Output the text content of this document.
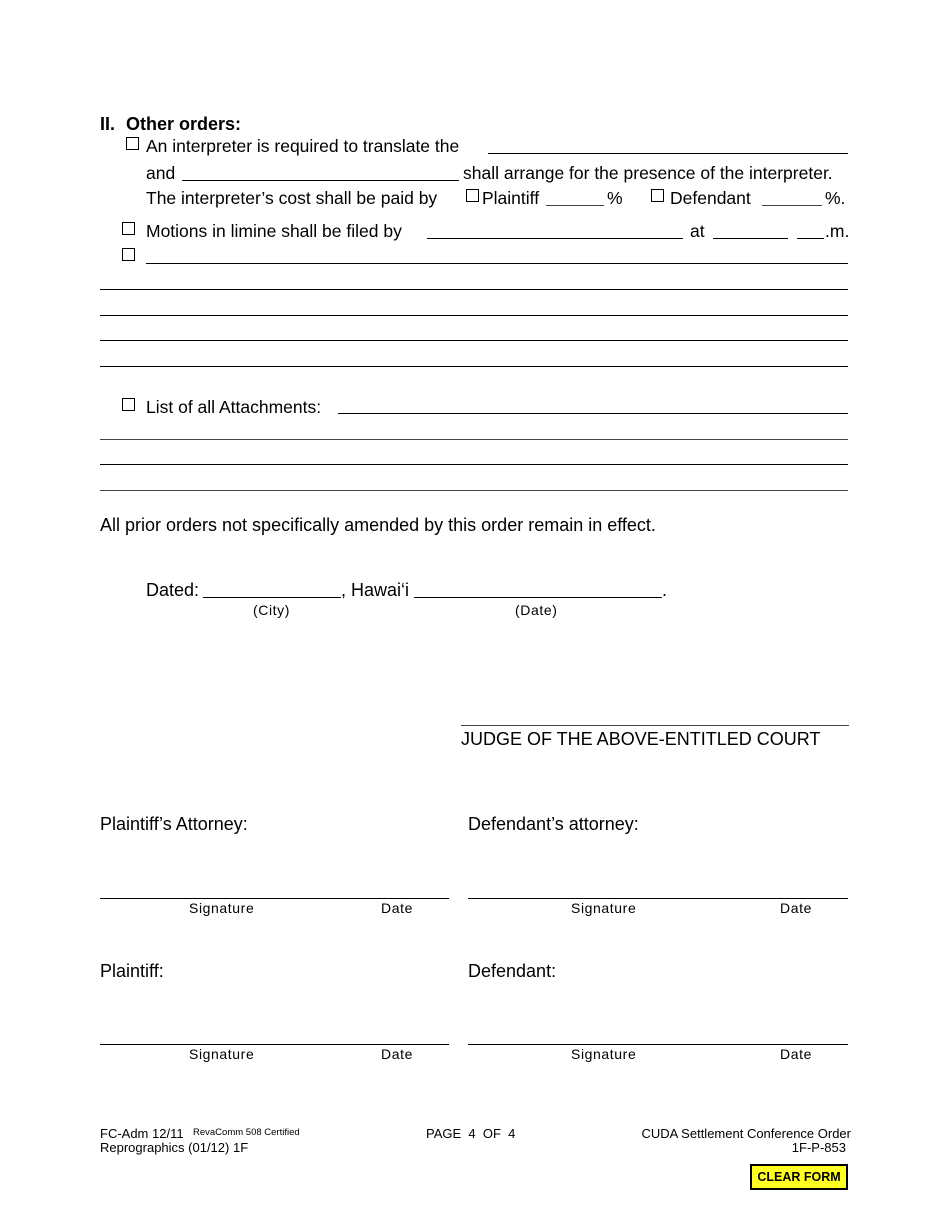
II. Other orders:
An interpreter is required to translate the
and	shall arrange for the presence of the interpreter.
The interpreter’s cost shall be paid by	Plaintiff	%	Defendant	%.
Motions in limine shall be filed by	at	.m.
List of all Attachments:
All prior orders not specifically amended by this order remain in effect.
Dated:	, Hawai‘i	.
(City)	(Date)
JUDGE OF THE ABOVE-ENTITLED COURT
Plaintiff’s Attorney:	Defendant’s attorney:
Signature	Date	Signature	Date
Plaintiff:	Defendant:
Signature	Date	Signature	Date
FC-Adm 12/11 RevaComm 508 Certified
Reprographics (01/12) 1F
PAGE  4  OF  4	CUDA Settlement Conference Order
1F-P-853
CLEAR FORM
